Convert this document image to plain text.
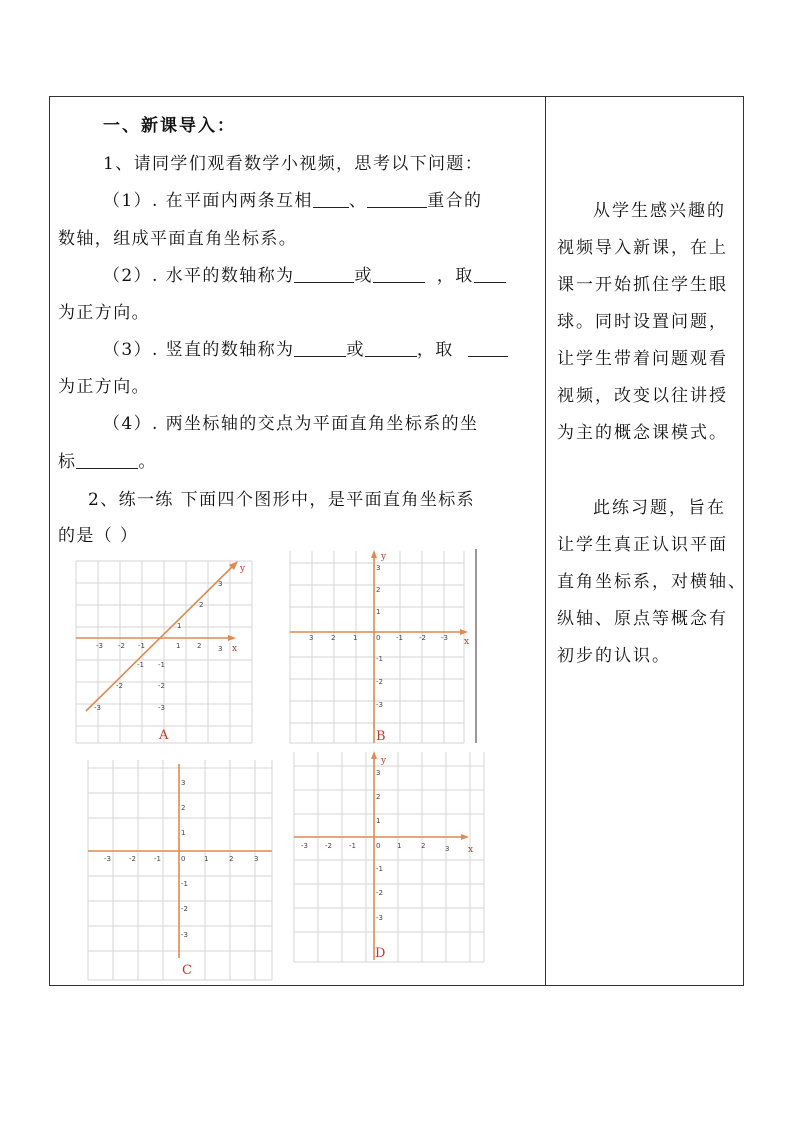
一、新课导入：
1、请同学们观看数学小视频，思考以下问题：
（1）. 在平面内两条互相 、	重合的
数轴，组成平面直角坐标系。
（2）. 水平的数轴称为	或	，取
为正方向。
（3）. 竖直的数轴称为	或	，取
为正方向。
（4）. 两坐标轴的交点为平面直角坐标系的坐
标	。
2、练一练 下面四个图形中，是平面直角坐标系
的是（ ）
从学生感兴趣的
视频导入新课，在上
课一开始抓住学生眼
球。同时设置问题，
让学生带着问题观看
视频，改变以往讲授
为主的概念课模式。
此练习题，旨在
让学生真正认识平面
直角坐标系，对横轴、
纵轴、原点等概念有
初步的认识。
y
x
-3 -2 -1	1 2 3
1
2
3
-1
-2
-3
-1
-2
-3
A
y
x
3	2	1	0 -1 -2 -3
3
2
1
-1
-2
-3
B
-3	-2	-1	0	1	2	3
3
2
1
-1
-2
-3
C
y
x
-3 -2 -1	0 1	2	3
3
2
1
-1
-2
-3
D
